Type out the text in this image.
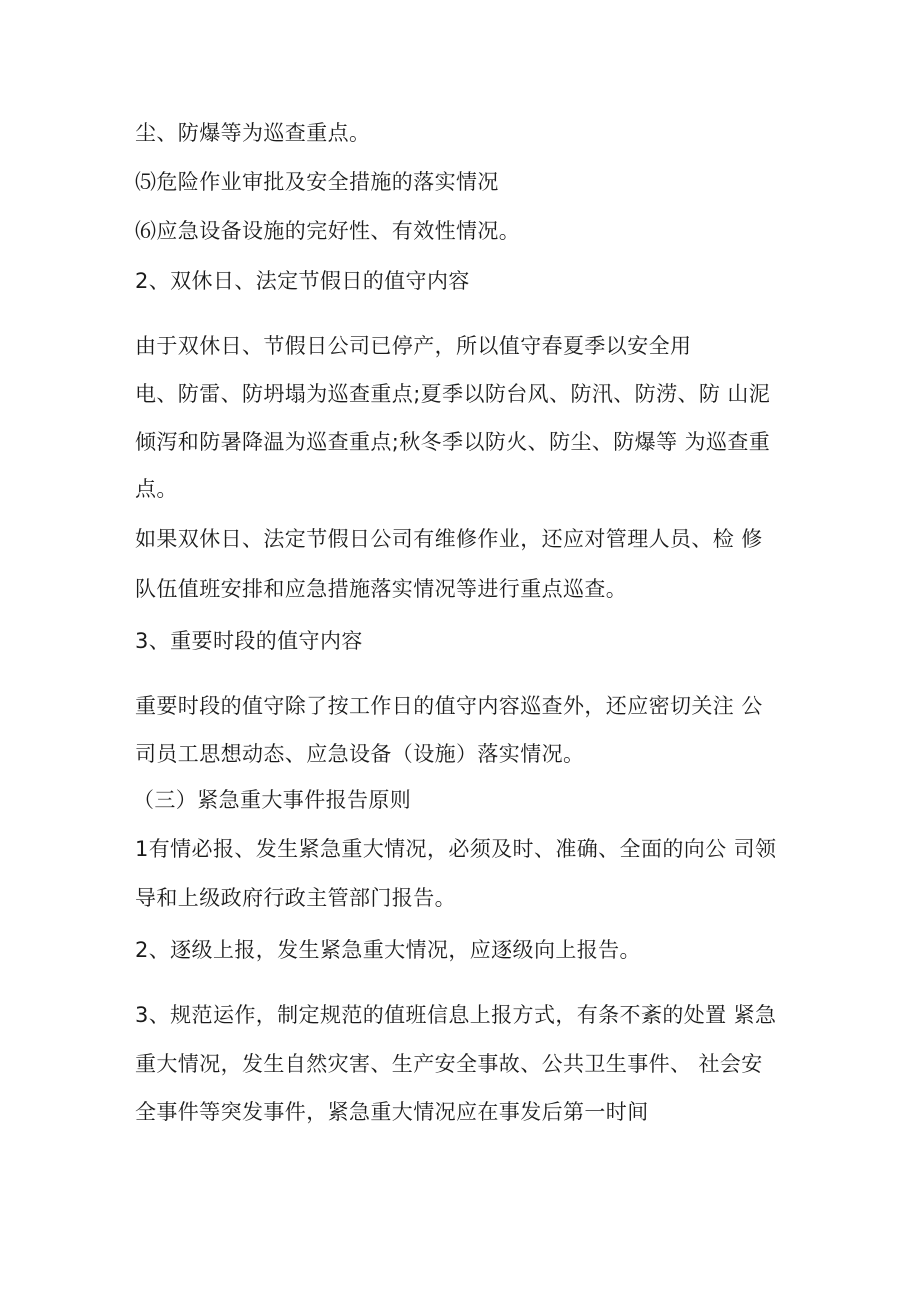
尘、防爆等为巡查重点。
⑸危险作业审批及安全措施的落实情况
⑹应急设备设施的完好性、有效性情况。
2、双休日、法定节假日的值守内容
由于双休日、节假日公司已停产，所以值守春夏季以安全用
电、防雷、防坍塌为巡查重点;夏季以防台风、防汛、防涝、防 山泥
倾泻和防暑降温为巡查重点;秋冬季以防火、防尘、防爆等 为巡查重
点。
如果双休日、法定节假日公司有维修作业，还应对管理人员、检 修
队伍值班安排和应急措施落实情况等进行重点巡查。
3、重要时段的值守内容
重要时段的值守除了按工作日的值守内容巡查外，还应密切关注 公
司员工思想动态、应急设备（设施）落实情况。
（三）紧急重大事件报告原则
1有情必报、发生紧急重大情况，必须及时、准确、全面的向公 司领
导和上级政府行政主管部门报告。
2、逐级上报，发生紧急重大情况，应逐级向上报告。
3、规范运作，制定规范的值班信息上报方式，有条不紊的处置 紧急
重大情况，发生自然灾害、生产安全事故、公共卫生事件、 社会安
全事件等突发事件，紧急重大情况应在事发后第一时间
